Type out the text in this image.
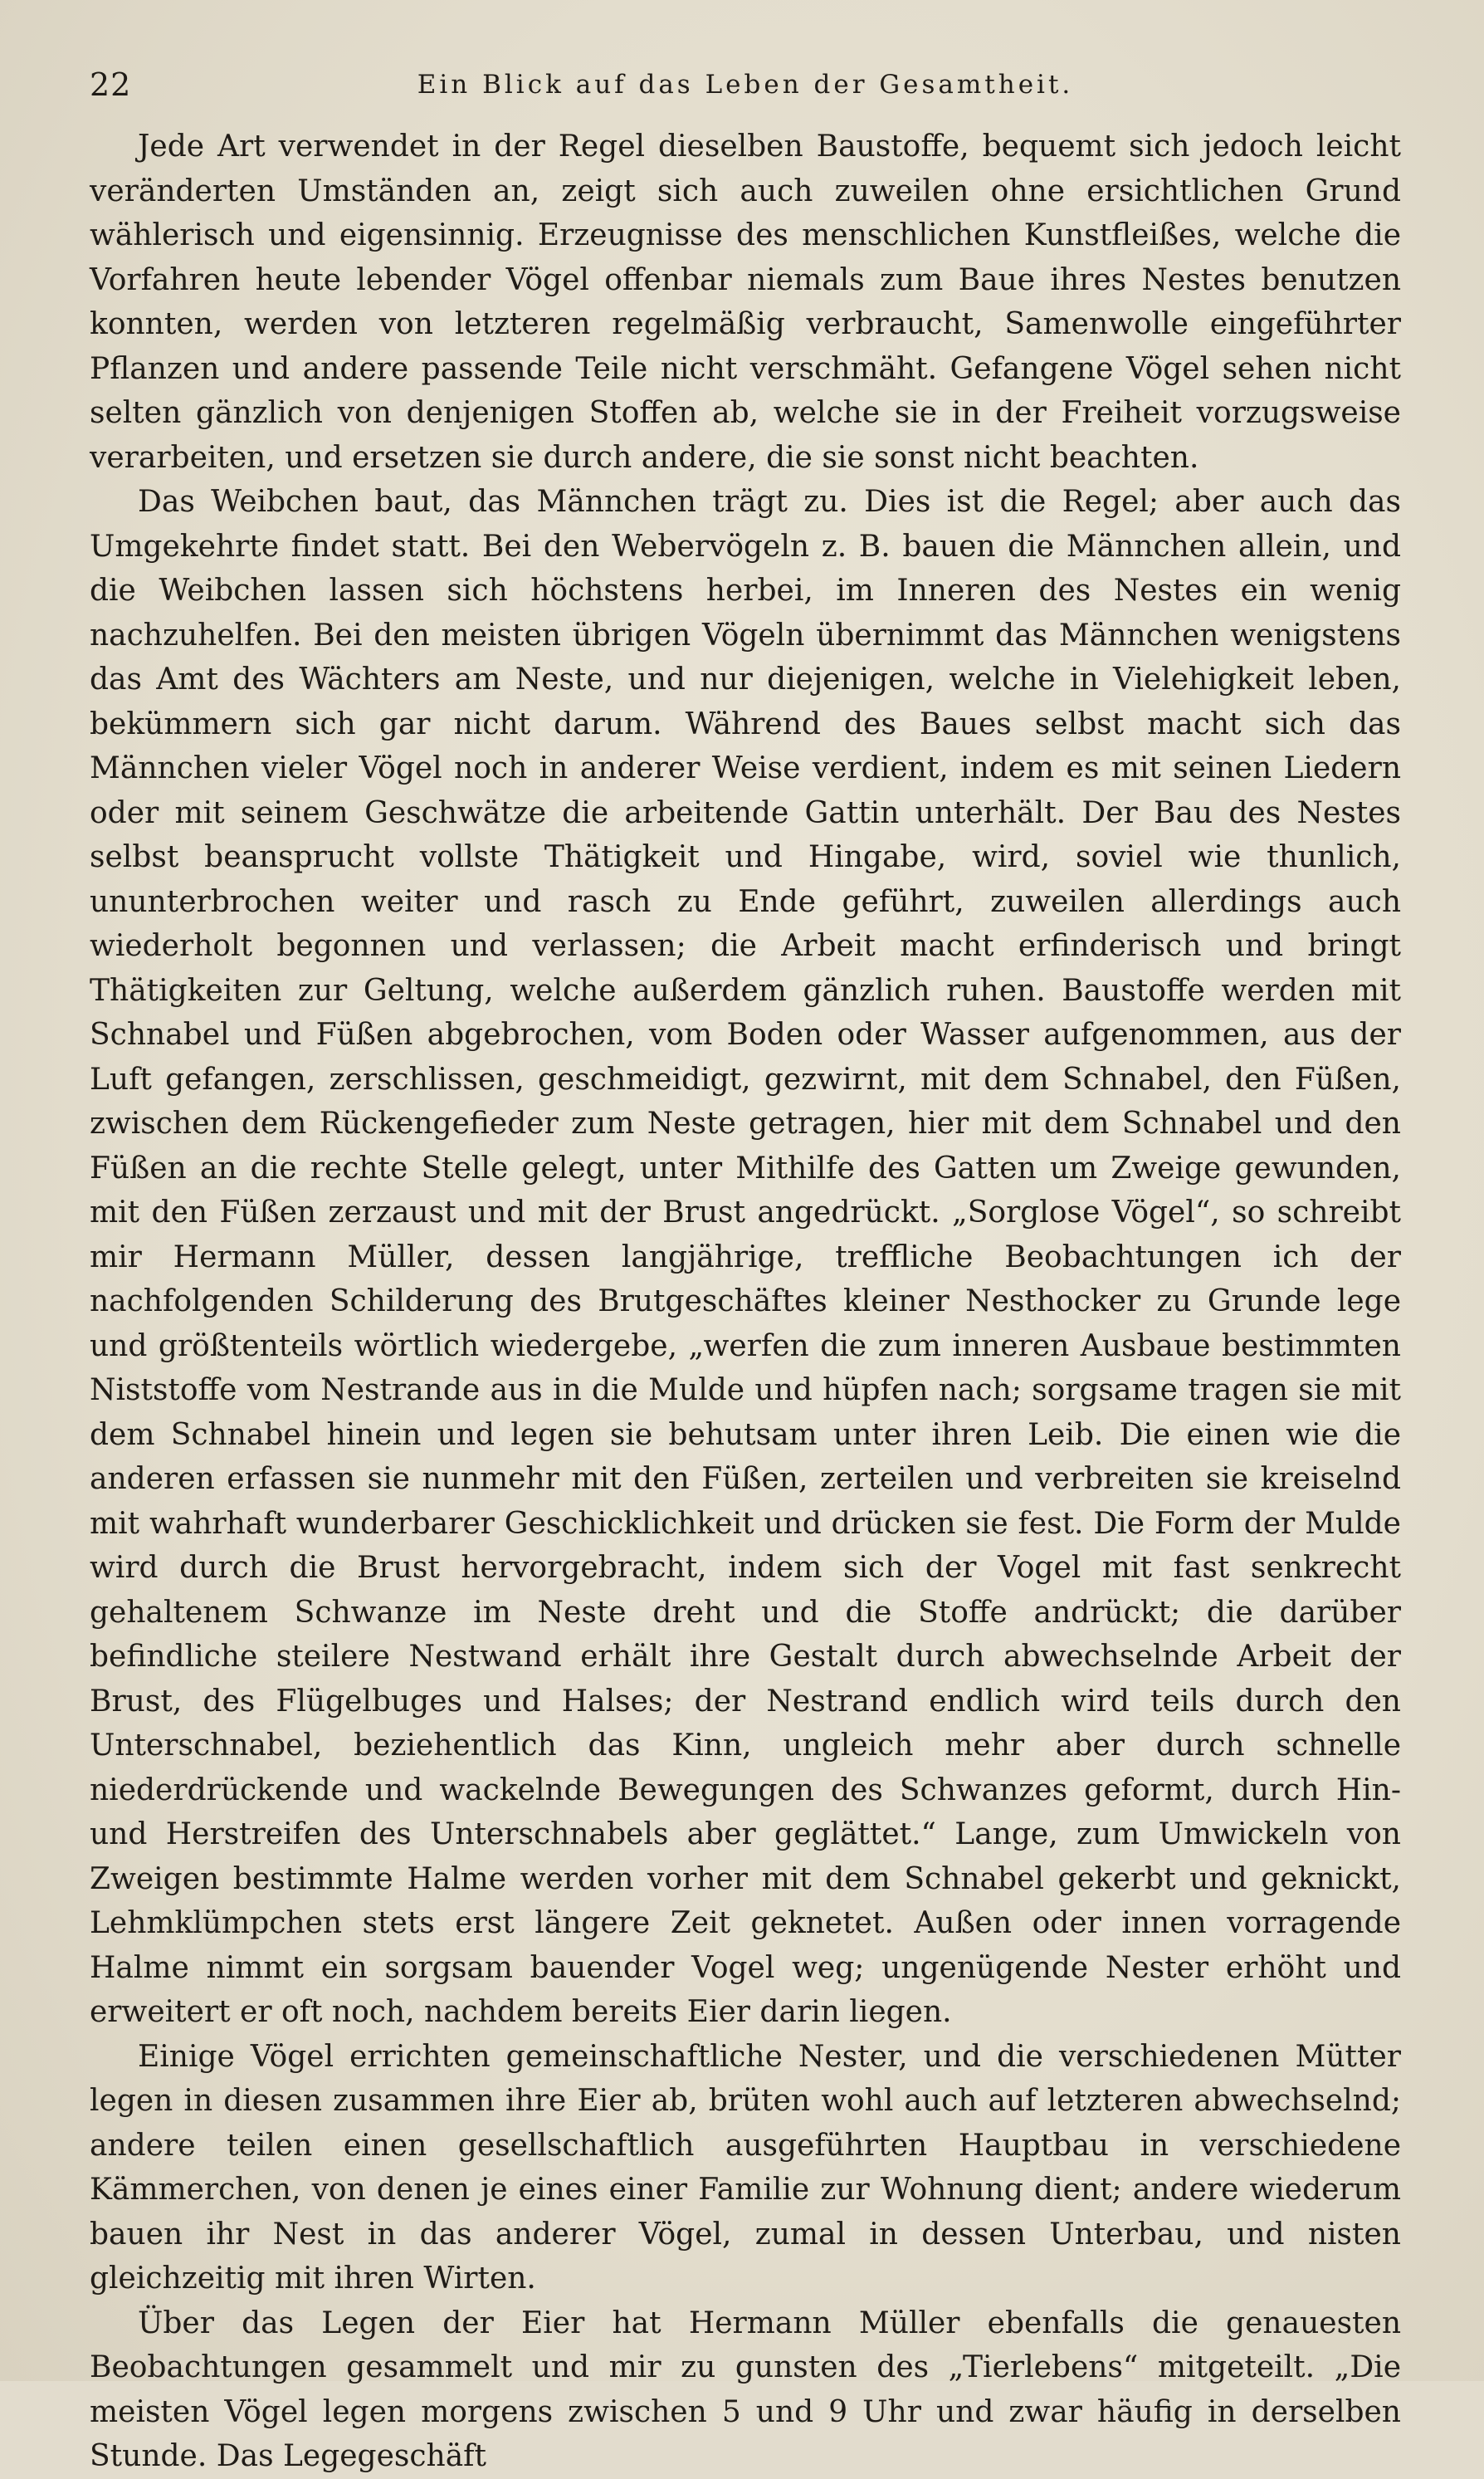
22	Ein Blick auf das Leben der Gesamtheit.

Jede Art verwendet in der Regel dieselben Baustoffe, bequemt sich jedoch leicht veränderten Umständen an, zeigt sich auch zuweilen ohne ersichtlichen Grund wählerisch und eigensinnig. Erzeugnisse des menschlichen Kunstfleißes, welche die Vorfahren heute lebender Vögel offenbar niemals zum Baue ihres Nestes benutzen konnten, werden von letzteren regelmäßig verbraucht, Samenwolle eingeführter Pflanzen und andere passende Teile nicht verschmäht. Gefangene Vögel sehen nicht selten gänzlich von denjenigen Stoffen ab, welche sie in der Freiheit vorzugsweise verarbeiten, und ersetzen sie durch andere, die sie sonst nicht beachten.

Das Weibchen baut, das Männchen trägt zu. Dies ist die Regel; aber auch das Umgekehrte findet statt. Bei den Webervögeln z. B. bauen die Männchen allein, und die Weibchen lassen sich höchstens herbei, im Inneren des Nestes ein wenig nachzuhelfen. Bei den meisten übrigen Vögeln übernimmt das Männchen wenigstens das Amt des Wächters am Neste, und nur diejenigen, welche in Vielehigkeit leben, bekümmern sich gar nicht darum. Während des Baues selbst macht sich das Männchen vieler Vögel noch in anderer Weise verdient, indem es mit seinen Liedern oder mit seinem Geschwätze die arbeitende Gattin unterhält. Der Bau des Nestes selbst beansprucht vollste Thätigkeit und Hingabe, wird, soviel wie thunlich, ununterbrochen weiter und rasch zu Ende geführt, zuweilen allerdings auch wiederholt begonnen und verlassen; die Arbeit macht erfinderisch und bringt Thätigkeiten zur Geltung, welche außerdem gänzlich ruhen. Baustoffe werden mit Schnabel und Füßen abgebrochen, vom Boden oder Wasser aufgenommen, aus der Luft gefangen, zerschlissen, geschmeidigt, gezwirnt, mit dem Schnabel, den Füßen, zwischen dem Rückengefieder zum Neste getragen, hier mit dem Schnabel und den Füßen an die rechte Stelle gelegt, unter Mithilfe des Gatten um Zweige gewunden, mit den Füßen zerzaust und mit der Brust angedrückt. „Sorglose Vögel“, so schreibt mir Hermann Müller, dessen langjährige, treffliche Beobachtungen ich der nachfolgenden Schilderung des Brutgeschäftes kleiner Nesthocker zu Grunde lege und größtenteils wörtlich wiedergebe, „werfen die zum inneren Ausbaue bestimmten Niststoffe vom Nestrande aus in die Mulde und hüpfen nach; sorgsame tragen sie mit dem Schnabel hinein und legen sie behutsam unter ihren Leib. Die einen wie die anderen erfassen sie nunmehr mit den Füßen, zerteilen und verbreiten sie kreiselnd mit wahrhaft wunderbarer Geschicklichkeit und drücken sie fest. Die Form der Mulde wird durch die Brust hervorgebracht, indem sich der Vogel mit fast senkrecht gehaltenem Schwanze im Neste dreht und die Stoffe andrückt; die darüber befindliche steilere Nestwand erhält ihre Gestalt durch abwechselnde Arbeit der Brust, des Flügelbuges und Halses; der Nestrand endlich wird teils durch den Unterschnabel, beziehentlich das Kinn, ungleich mehr aber durch schnelle niederdrückende und wackelnde Bewegungen des Schwanzes geformt, durch Hin- und Herstreifen des Unterschnabels aber geglättet.“ Lange, zum Umwickeln von Zweigen bestimmte Halme werden vorher mit dem Schnabel gekerbt und geknickt, Lehmklümpchen stets erst längere Zeit geknetet. Außen oder innen vorragende Halme nimmt ein sorgsam bauender Vogel weg; ungenügende Nester erhöht und erweitert er oft noch, nachdem bereits Eier darin liegen.

Einige Vögel errichten gemeinschaftliche Nester, und die verschiedenen Mütter legen in diesen zusammen ihre Eier ab, brüten wohl auch auf letzteren abwechselnd; andere teilen einen gesellschaftlich ausgeführten Hauptbau in verschiedene Kämmerchen, von denen je eines einer Familie zur Wohnung dient; andere wiederum bauen ihr Nest in das anderer Vögel, zumal in dessen Unterbau, und nisten gleichzeitig mit ihren Wirten.

Über das Legen der Eier hat Hermann Müller ebenfalls die genauesten Beobachtungen gesammelt und mir zu gunsten des „Tierlebens“ mitgeteilt. „Die meisten Vögel legen morgens zwischen 5 und 9 Uhr und zwar häufig in derselben Stunde. Das Legegeschäft
